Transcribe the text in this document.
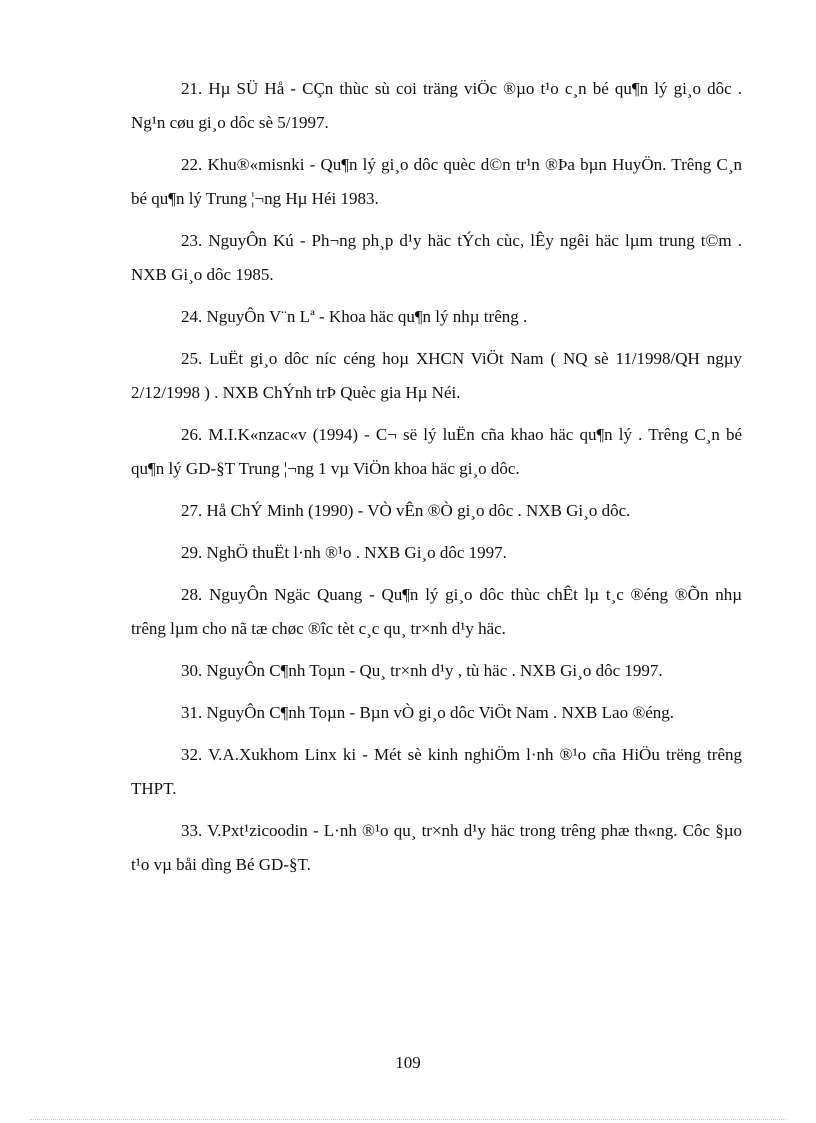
21. Hµ SÜ Hå - CÇn thùc sù coi träng viÖc ®µo t¹o c¸n bé qu¶n lý gi¸o dôc . Ng¹n cøu gi¸o dôc sè 5/1997.

22. Khu®«misnki - Qu¶n lý gi¸o dôc quèc d©n tr¹n ®Þa bµn HuyÖn. Trêng C¸n bé qu¶n lý Trung ¦¬ng Hµ Héi 1983.

23. NguyÔn Kú - Ph¬ng ph¸p d¹y häc tÝch cùc, lÊy ngêi häc lµm trung t©m . NXB Gi¸o dôc 1985.

24. NguyÔn V¨n Lª - Khoa häc qu¶n lý nhµ trêng .

25. LuËt gi¸o dôc níc céng hoµ XHCN ViÖt Nam ( NQ sè 11/1998/QH ngµy 2/12/1998 ) . NXB ChÝnh trÞ Quèc gia Hµ Néi.

26. M.I.K«nzac«v (1994) - C¬ së lý luËn cña khao häc qu¶n lý . Trêng C¸n bé qu¶n lý GD-§T Trung ¦¬ng 1 vµ ViÖn khoa häc gi¸o dôc.

27. Hå ChÝ Minh (1990) - VÒ vÊn ®Ò gi¸o dôc . NXB Gi¸o dôc.

29. NghÖ thuËt l·nh ®¹o . NXB Gi¸o dôc 1997.

28. NguyÔn Ngäc Quang - Qu¶n lý gi¸o dôc thùc chÊt lµ t¸c ®éng ®Õn nhµ trêng lµm cho nã tæ chøc ®îc tèt c¸c qu¸ tr×nh d¹y häc.

30. NguyÔn C¶nh Toµn - Qu¸ tr×nh d¹y , tù häc . NXB Gi¸o dôc 1997.

31. NguyÔn C¶nh Toµn - Bµn vÒ gi¸o dôc ViÖt Nam . NXB Lao ®éng.

32. V.A.Xukhom Linx ki - Mét sè kinh nghiÖm l·nh ®¹o cña HiÖu trëng trêng THPT.

33. V.Pxt¹zicoodin - L·nh ®¹o qu¸ tr×nh d¹y häc trong trêng phæ th«ng. Côc §µo t¹o vµ båi dìng Bé GD-§T.

109
